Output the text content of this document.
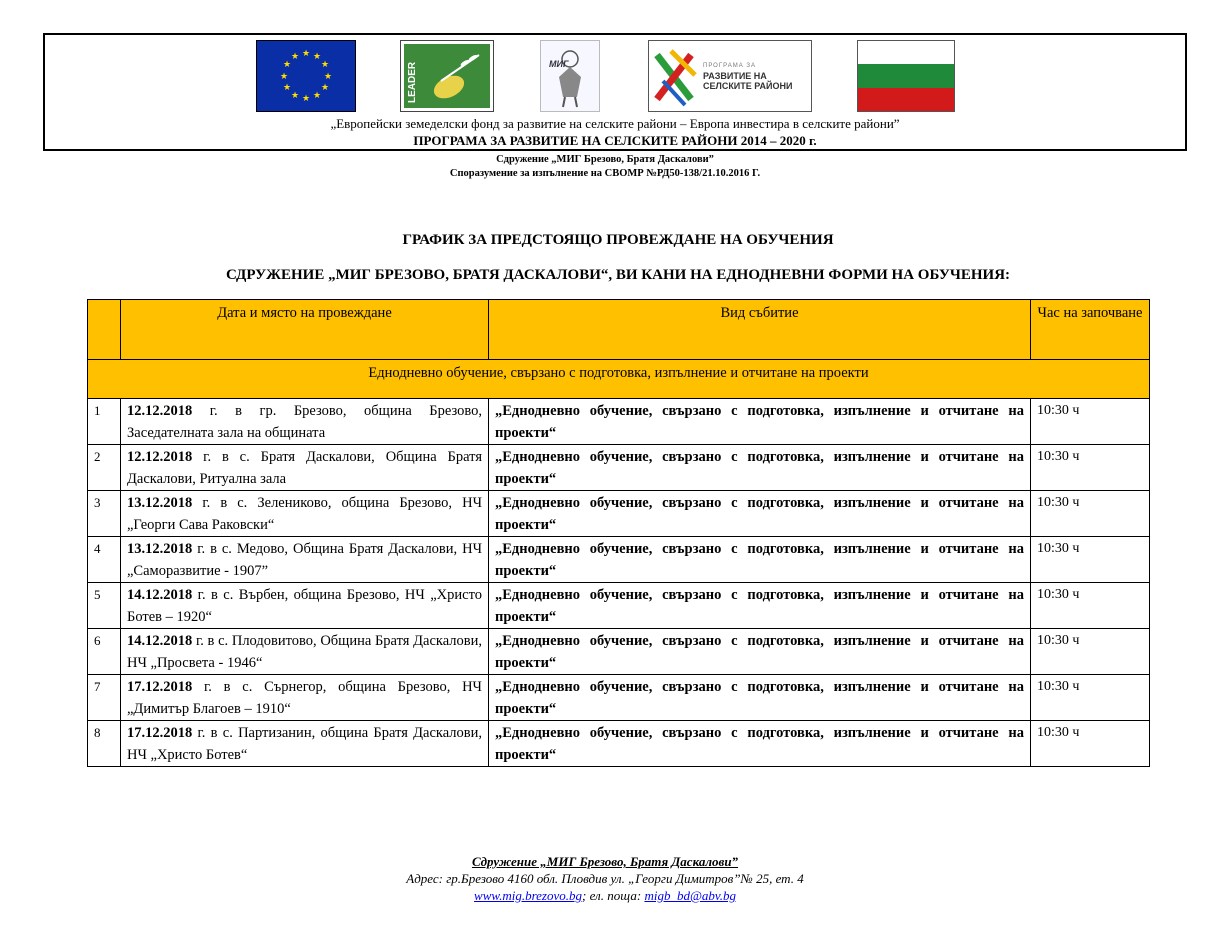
★ ★
★
★
★
★
★
★
★
★
★
★
LEADER	МИГ	ПРОГРАМА ЗА
РАЗВИТИЕ НА
СЕЛСКИТЕ РАЙОНИ
„Европейски земеделски фонд за развитие на селските райони – Европа инвестира в селските райони”
ПРОГРАМА ЗА РАЗВИТИЕ НА СЕЛСКИТЕ РАЙОНИ 2014 – 2020 г.
Сдружение „МИГ Брезово, Братя Даскалови”
Споразумение за изпълнение на СВОМР №РД50-138/21.10.2016 Г.
ГРАФИК ЗА ПРЕДСТОЯЩО ПРОВЕЖДАНЕ НА ОБУЧЕНИЯ
СДРУЖЕНИЕ „МИГ БРЕЗОВО, БРАТЯ ДАСКАЛОВИ“, ВИ КАНИ НА ЕДНОДНЕВНИ ФОРМИ НА ОБУЧЕНИЯ:
	Дата и място на провеждане	Вид събитие	Час на започване
Еднодневно обучение, свързано с подготовка, изпълнение и отчитане на проекти			
1	12.12.2018 г. в гр. Брезово, община Брезово, Заседателната зала на общината	„Еднодневно обучение, свързано с подготовка, изпълнение и отчитане на проекти“	10:30 ч
2	12.12.2018 г. в с. Братя Даскалови, Община Братя Даскалови, Ритуална зала	„Еднодневно обучение, свързано с подготовка, изпълнение и отчитане на проекти“	10:30 ч
3	13.12.2018 г. в с. Зелениково, община Брезово, НЧ „Георги Сава Раковски“	„Еднодневно обучение, свързано с подготовка, изпълнение и отчитане на проекти“	10:30 ч
4	13.12.2018 г. в с. Медово, Община Братя Даскалови, НЧ „Саморазвитие - 1907”	„Еднодневно обучение, свързано с подготовка, изпълнение и отчитане на проекти“	10:30 ч
5	14.12.2018 г. в с. Върбен, община Брезово, НЧ „Христо Ботев – 1920“	„Еднодневно обучение, свързано с подготовка, изпълнение и отчитане на проекти“	10:30 ч
6	14.12.2018 г. в с. Плодовитово, Община Братя Даскалови, НЧ „Просвета - 1946“	„Еднодневно обучение, свързано с подготовка, изпълнение и отчитане на проекти“	10:30 ч
7	17.12.2018 г. в с. Сърнегор, община Брезово, НЧ „Димитър Благоев – 1910“	„Еднодневно обучение, свързано с подготовка, изпълнение и отчитане на проекти“	10:30 ч
8	17.12.2018 г. в с. Партизанин, община Братя Даскалови, НЧ „Христо Ботев“	„Еднодневно обучение, свързано с подготовка, изпълнение и отчитане на проекти“	10:30 ч
Сдружение „МИГ Брезово, Братя Даскалови”
Адрес: гр.Брезово 4160 обл. Пловдив ул. „Георги Димитров”№ 25, ет. 4
www.mig.brezovo.bg; ел. поща: migb_bd@abv.bg
